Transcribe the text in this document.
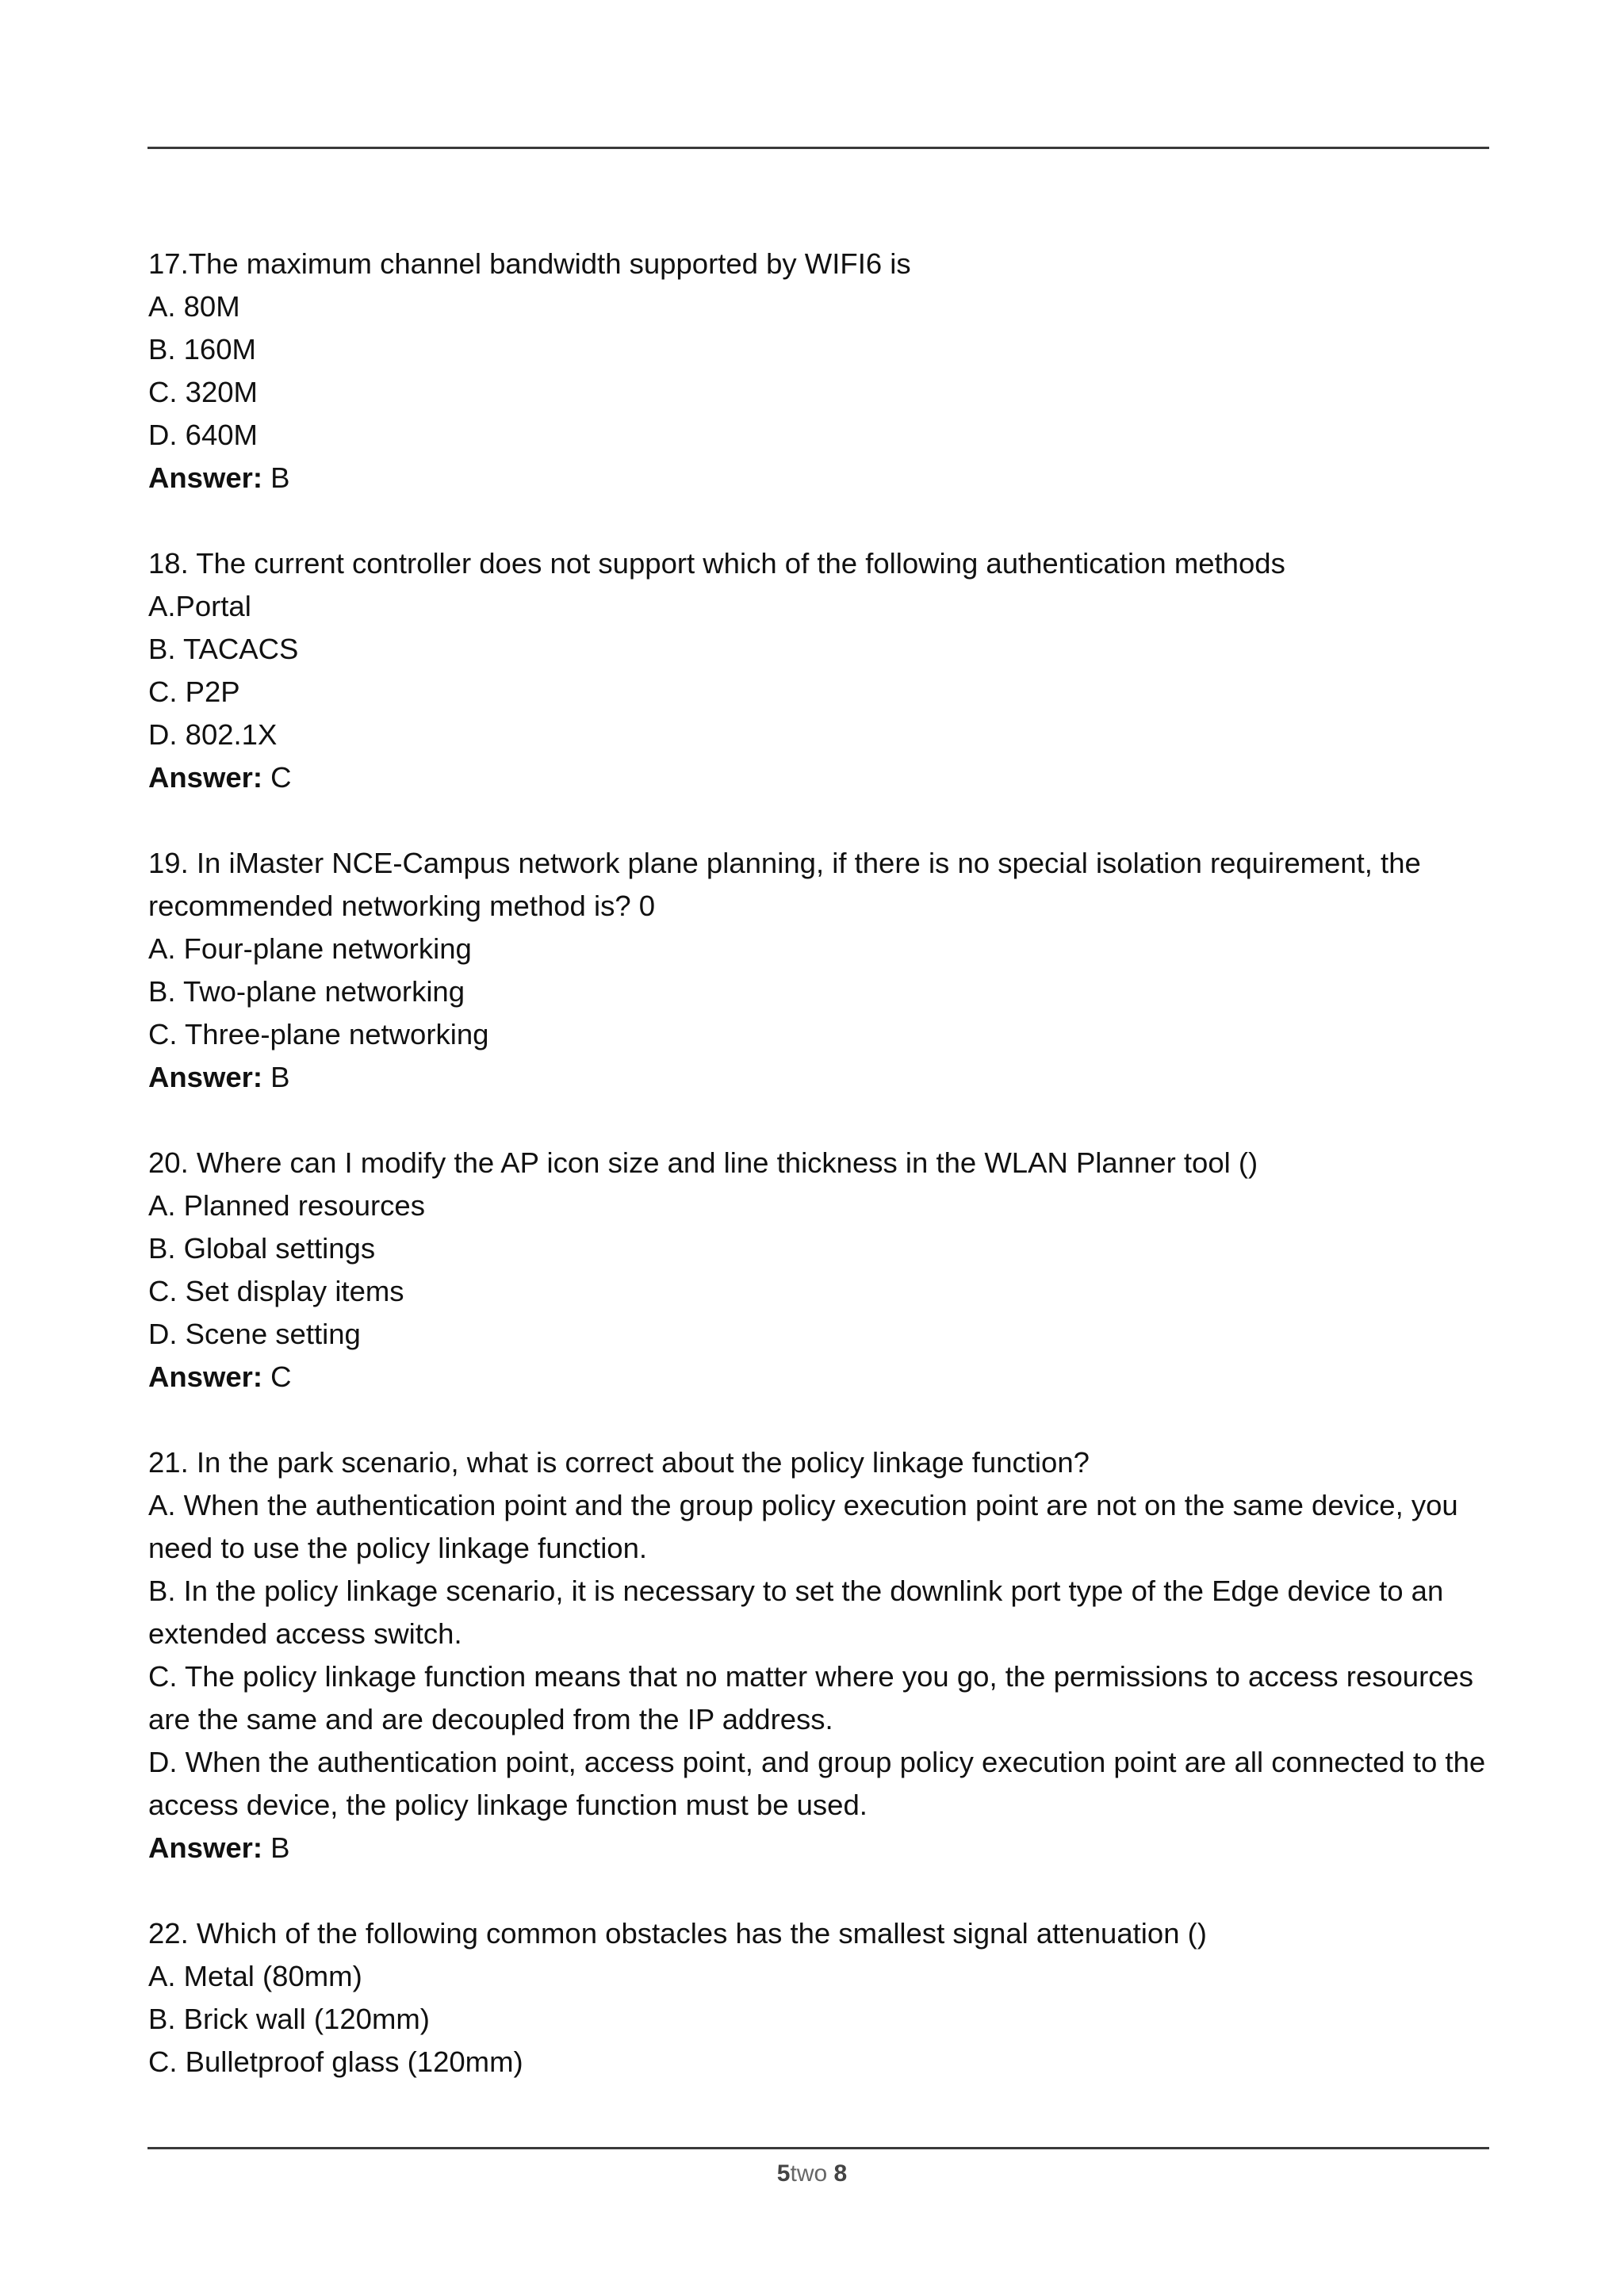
17.The maximum channel bandwidth supported by WIFI6 is
A. 80M
B. 160M
C. 320M
D. 640M
Answer: B
18. The current controller does not support which of the following authentication methods
A.Portal
B. TACACS
C. P2P
D. 802.1X
Answer: C
19. In iMaster NCE-Campus network plane planning, if there is no special isolation requirement, the
recommended networking method is? 0
A. Four-plane networking
B. Two-plane networking
C. Three-plane networking
Answer: B
20. Where can I modify the AP icon size and line thickness in the WLAN Planner tool ()
A. Planned resources
B. Global settings
C. Set display items
D. Scene setting
Answer: C
21. In the park scenario, what is correct about the policy linkage function?
A. When the authentication point and the group policy execution point are not on the same device, you
need to use the policy linkage function.
B. In the policy linkage scenario, it is necessary to set the downlink port type of the Edge device to an
extended access switch.
C. The policy linkage function means that no matter where you go, the permissions to access resources
are the same and are decoupled from the IP address.
D. When the authentication point, access point, and group policy execution point are all connected to the
access device, the policy linkage function must be used.
Answer: B
22. Which of the following common obstacles has the smallest signal attenuation ()
A. Metal (80mm)
B. Brick wall (120mm)
C. Bulletproof glass (120mm)
5two 8
